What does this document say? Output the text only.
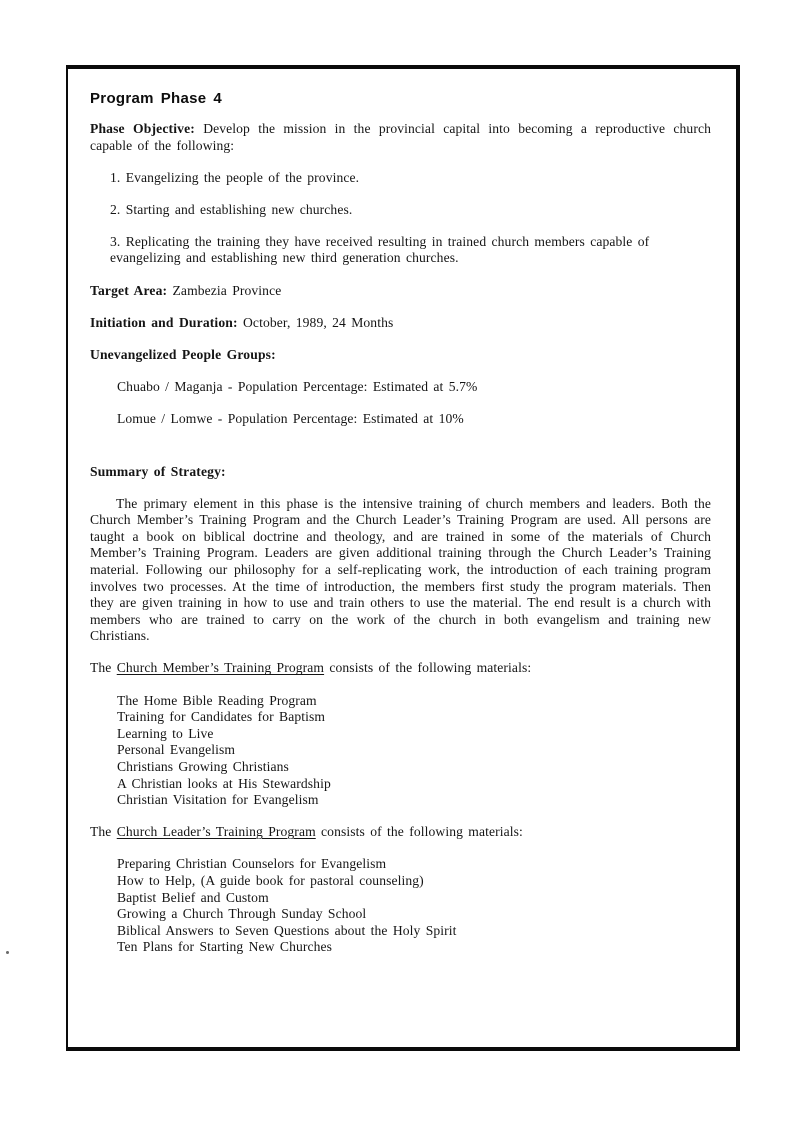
Program Phase 4

Phase Objective: Develop the mission in the provincial capital into becoming a reproductive church capable of the following:

1. Evangelizing the people of the province.

2. Starting and establishing new churches.

3. Replicating the training they have received resulting in trained church members capable of evangelizing and establishing new third generation churches.

Target Area: Zambezia Province

Initiation and Duration: October, 1989, 24 Months

Unevangelized People Groups:

Chuabo / Maganja - Population Percentage: Estimated at 5.7%

Lomue / Lomwe - Population Percentage: Estimated at 10%

Summary of Strategy:

The primary element in this phase is the intensive training of church members and leaders. Both the Church Member’s Training Program and the Church Leader’s Training Program are used. All persons are taught a book on biblical doctrine and theology, and are trained in some of the materials of Church Member’s Training Program. Leaders are given additional training through the Church Leader’s Training material. Following our philosophy for a self-replicating work, the introduction of each training program involves two processes. At the time of introduction, the members first study the program materials. Then they are given training in how to use and train others to use the material. The end result is a church with members who are trained to carry on the work of the church in both evangelism and training new Christians.

The Church Member’s Training Program consists of the following materials:

The Home Bible Reading Program
Training for Candidates for Baptism
Learning to Live
Personal Evangelism
Christians Growing Christians
A Christian looks at His Stewardship
Christian Visitation for Evangelism

The Church Leader’s Training Program consists of the following materials:

Preparing Christian Counselors for Evangelism
How to Help, (A guide book for pastoral counseling)
Baptist Belief and Custom
Growing a Church Through Sunday School
Biblical Answers to Seven Questions about the Holy Spirit
Ten Plans for Starting New Churches
